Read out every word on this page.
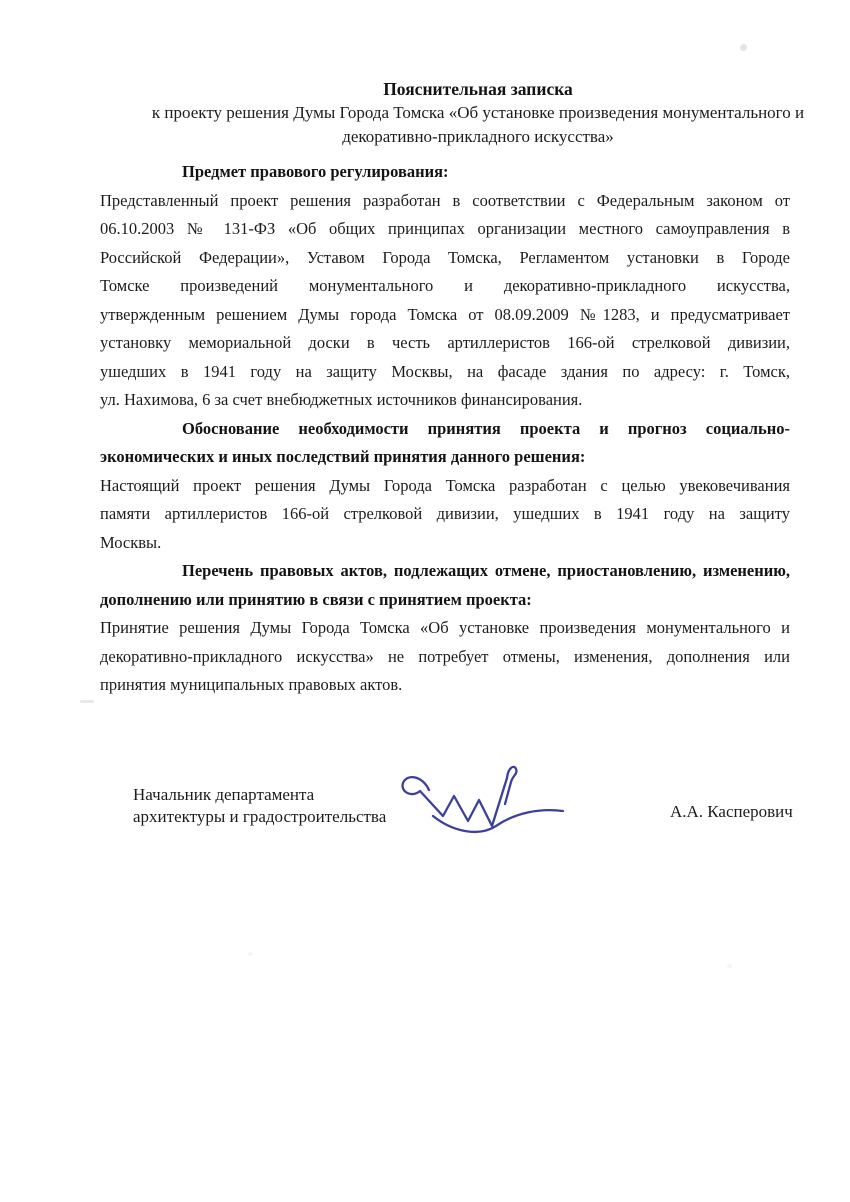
Пояснительная записка
к проекту решения Думы Города Томска «Об установке произведения монументального и
декоративно-прикладного искусства»
Предмет правового регулирования:
Представленный проект решения разработан в соответствии с Федеральным законом от
06.10.2003 № 131-ФЗ «Об общих принципах организации местного самоуправления в
Российской Федерации», Уставом Города Томска, Регламентом установки в Городе
Томске произведений монументального и декоративно-прикладного искусства,
утвержденным решением Думы города Томска от 08.09.2009 №1283, и предусматривает
установку мемориальной доски в честь артиллеристов 166-ой стрелковой дивизии,
ушедших в 1941 году на защиту Москвы, на фасаде здания по адресу: г. Томск,
ул. Нахимова, 6 за счет внебюджетных источников финансирования.
Обоснование необходимости принятия проекта и прогноз социально-
экономических и иных последствий принятия данного решения:
Настоящий проект решения Думы Города Томска разработан с целью увековечивания
памяти артиллеристов 166-ой стрелковой дивизии, ушедших в 1941 году на защиту
Москвы.
Перечень правовых актов, подлежащих отмене, приостановлению, изменению,
дополнению или принятию в связи с принятием проекта:
Принятие решения Думы Города Томска «Об установке произведения монументального и
декоративно-прикладного искусства» не потребует отмены, изменения, дополнения или
принятия муниципальных правовых актов.
Начальник департамента
архитектуры и градостроительства	А.А. Касперович
